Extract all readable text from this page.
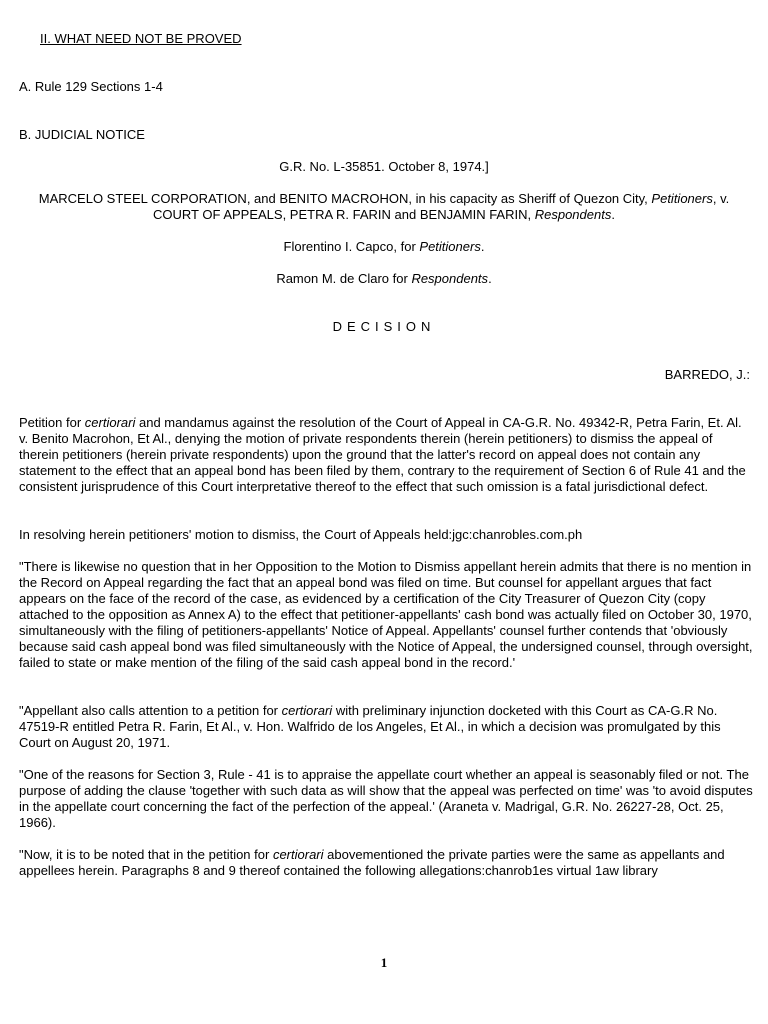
II. WHAT NEED NOT BE PROVED
A. Rule 129 Sections 1-4
B. JUDICIAL NOTICE
G.R. No. L-35851. October 8, 1974.]
MARCELO STEEL CORPORATION, and BENITO MACROHON, in his capacity as Sheriff of Quezon City, Petitioners, v.
COURT OF APPEALS, PETRA R. FARIN and BENJAMIN FARIN, Respondents.
Florentino I. Capco, for Petitioners.
Ramon M. de Claro for Respondents.
DECISION
BARREDO, J.:
Petition for certiorari and mandamus against the resolution of the Court of Appeal in CA-G.R. No. 49342-R, Petra Farin, Et. Al. v. Benito Macrohon, Et Al., denying the motion of private respondents therein (herein petitioners) to dismiss the appeal of therein petitioners (herein private respondents) upon the ground that the latter's record on appeal does not contain any statement to the effect that an appeal bond has been filed by them, contrary to the requirement of Section 6 of Rule 41 and the consistent jurisprudence of this Court interpretative thereof to the effect that such omission is a fatal jurisdictional defect.
In resolving herein petitioners' motion to dismiss, the Court of Appeals held:jgc:chanrobles.com.ph
"There is likewise no question that in her Opposition to the Motion to Dismiss appellant herein admits that there is no mention in the Record on Appeal regarding the fact that an appeal bond was filed on time. But counsel for appellant argues that fact appears on the face of the record of the case, as evidenced by a certification of the City Treasurer of Quezon City (copy attached to the opposition as Annex A) to the effect that petitioner-appellants' cash bond was actually filed on October 30, 1970, simultaneously with the filing of petitioners-appellants' Notice of Appeal. Appellants' counsel further contends that 'obviously because said cash appeal bond was filed simultaneously with the Notice of Appeal, the undersigned counsel, through oversight, failed to state or make mention of the filing of the said cash appeal bond in the record.'
"Appellant also calls attention to a petition for certiorari with preliminary injunction docketed with this Court as CA-G.R No. 47519-R entitled Petra R. Farin, Et Al., v. Hon. Walfrido de los Angeles, Et Al., in which a decision was promulgated by this Court on August 20, 1971.
"One of the reasons for Section 3, Rule - 41 is to appraise the appellate court whether an appeal is seasonably filed or not. The purpose of adding the clause 'together with such data as will show that the appeal was perfected on time' was 'to avoid disputes in the appellate court concerning the fact of the perfection of the appeal.' (Araneta v. Madrigal, G.R. No. 26227-28, Oct. 25, 1966).
"Now, it is to be noted that in the petition for certiorari abovementioned the private parties were the same as appellants and appellees herein. Paragraphs 8 and 9 thereof contained the following allegations:chanrob1es virtual 1aw library
1
